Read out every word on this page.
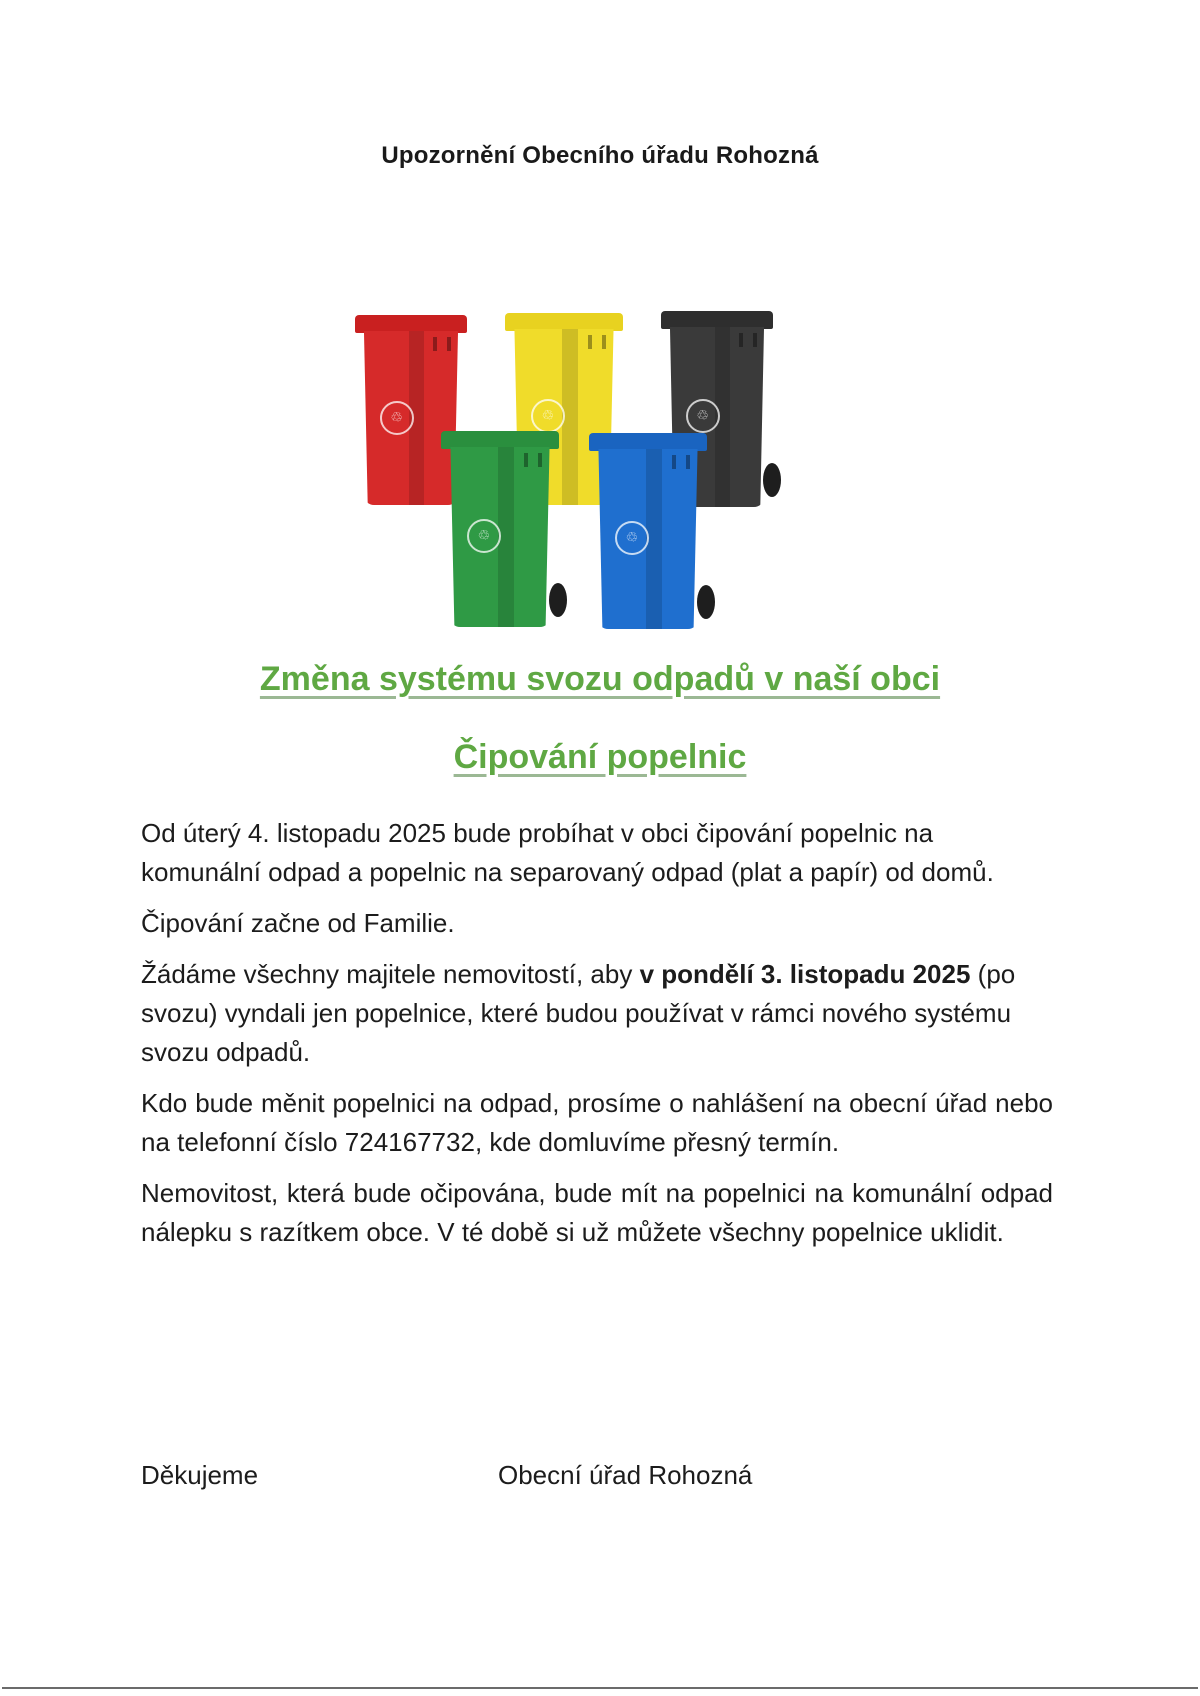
Upozornění Obecního úřadu Rohozná
♲	♲	♲
♲	♲
Změna systému svozu odpadů v naší obci
Čipování popelnic

Od úterý 4. listopadu 2025 bude probíhat v obci čipování popelnic na komunální odpad a popelnic na separovaný odpad (plat a papír) od domů.

Čipování začne od Familie.

Žádáme všechny majitele nemovitostí, aby v pondělí 3. listopadu 2025 (po svozu) vyndali jen popelnice, které budou používat v rámci nového systému svozu odpadů.

Kdo bude měnit popelnici na odpad, prosíme o nahlášení na obecní úřad nebo na telefonní číslo 724167732, kde domluvíme přesný termín.

Nemovitost, která bude očipována, bude mít na popelnici na komunální odpad nálepku s razítkem obce. V té době si už můžete všechny popelnice uklidit.

Děkujeme	Obecní úřad Rohozná
